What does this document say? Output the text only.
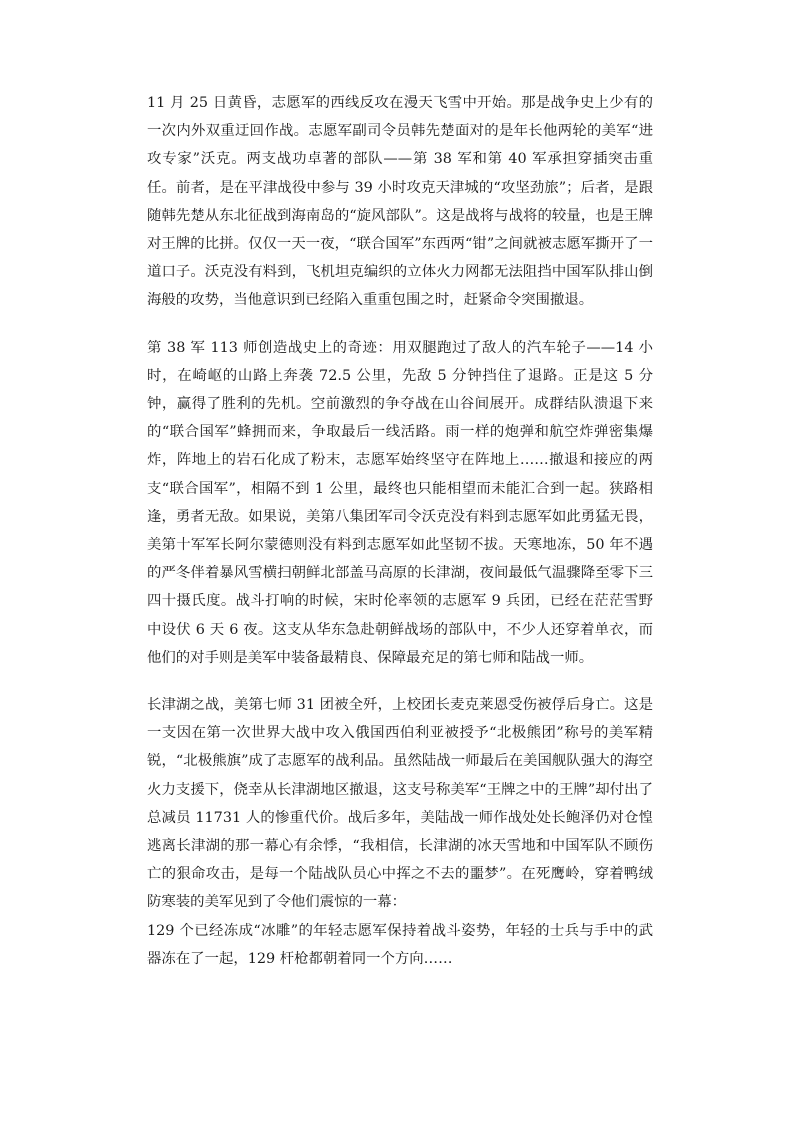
11 月 25 日黄昏，志愿军的西线反攻在漫天飞雪中开始。那是战争史上少有的一次内外双重迂回作战。志愿军副司令员韩先楚面对的是年长他两轮的美军“进攻专家”沃克。两支战功卓著的部队——第 38 军和第 40 军承担穿插突击重任。前者，是在平津战役中参与 39 小时攻克天津城的“攻坚劲旅”；后者，是跟随韩先楚从东北征战到海南岛的“旋风部队”。这是战将与战将的较量，也是王牌对王牌的比拼。仅仅一天一夜，“联合国军”东西两“钳”之间就被志愿军撕开了一道口子。沃克没有料到，飞机坦克编织的立体火力网都无法阻挡中国军队排山倒海般的攻势，当他意识到已经陷入重重包围之时，赶紧命令突围撤退。

第 38 军 113 师创造战史上的奇迹：用双腿跑过了敌人的汽车轮子——14 小时，在崎岖的山路上奔袭 72.5 公里，先敌 5 分钟挡住了退路。正是这 5 分钟，赢得了胜利的先机。空前激烈的争夺战在山谷间展开。成群结队溃退下来的“联合国军”蜂拥而来，争取最后一线活路。雨一样的炮弹和航空炸弹密集爆炸，阵地上的岩石化成了粉末，志愿军始终坚守在阵地上……撤退和接应的两支“联合国军”，相隔不到 1 公里，最终也只能相望而未能汇合到一起。狭路相逢，勇者无敌。如果说，美第八集团军司令沃克没有料到志愿军如此勇猛无畏，美第十军军长阿尔蒙德则没有料到志愿军如此坚韧不拔。天寒地冻，50 年不遇的严冬伴着暴风雪横扫朝鲜北部盖马高原的长津湖，夜间最低气温骤降至零下三四十摄氏度。战斗打响的时候，宋时伦率领的志愿军 9 兵团，已经在茫茫雪野中设伏 6 天 6 夜。这支从华东急赴朝鲜战场的部队中，不少人还穿着单衣，而他们的对手则是美军中装备最精良、保障最充足的第七师和陆战一师。

长津湖之战，美第七师 31 团被全歼，上校团长麦克莱恩受伤被俘后身亡。这是一支因在第一次世界大战中攻入俄国西伯利亚被授予“北极熊团”称号的美军精锐，“北极熊旗”成了志愿军的战利品。虽然陆战一师最后在美国舰队强大的海空火力支援下，侥幸从长津湖地区撤退，这支号称美军“王牌之中的王牌”却付出了总减员 11731 人的惨重代价。战后多年，美陆战一师作战处处长鲍泽仍对仓惶逃离长津湖的那一幕心有余悸，“我相信，长津湖的冰天雪地和中国军队不顾伤亡的狠命攻击，是每一个陆战队员心中挥之不去的噩梦”。在死鹰岭，穿着鸭绒防寒装的美军见到了令他们震惊的一幕：

129 个已经冻成“冰雕”的年轻志愿军保持着战斗姿势，年轻的士兵与手中的武器冻在了一起，129 杆枪都朝着同一个方向……
